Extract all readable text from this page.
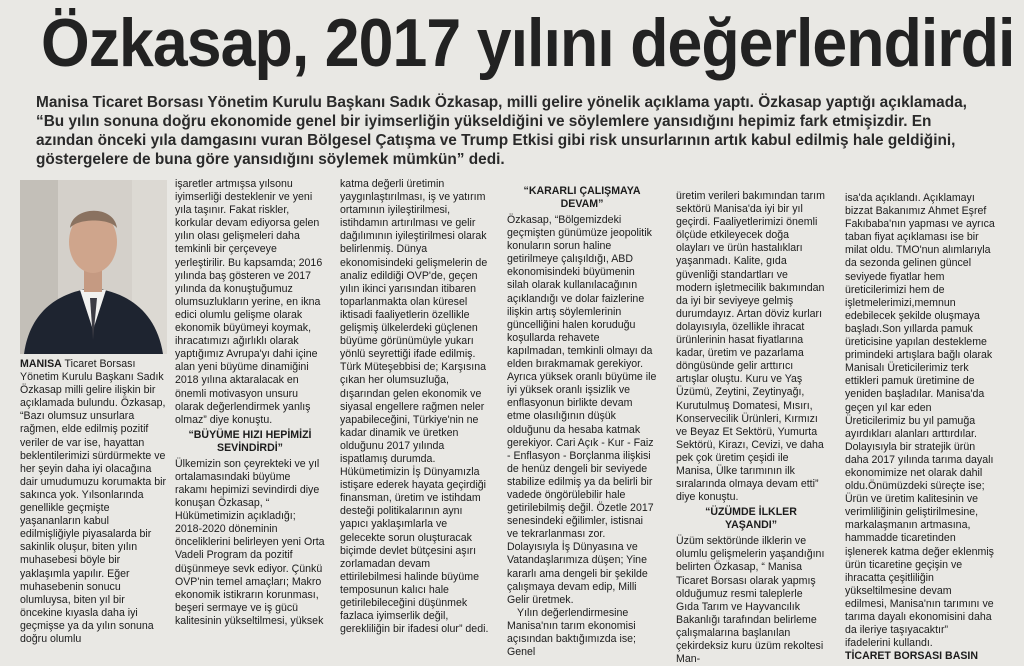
Özkasap, 2017 yılını değerlendirdi

Manisa Ticaret Borsası Yönetim Kurulu Başkanı Sadık Özkasap, milli gelire yönelik açıklama yaptı. Özkasap yaptığı açıklamada, “Bu yılın sonuna doğru ekonomide genel bir iyimserliğin yükseldiğini ve söylemlere yansıdığını hepimiz fark etmişizdir. En azından önceki yıla damgasını vuran Bölgesel Çatışma ve Trump Etkisi gibi risk unsurlarının artık kabul edilmiş hale geldiğini, göstergelere de buna göre yansıdığını söylemek mümkün” dedi.

MANISA Ticaret Borsası Yönetim Kurulu Başkanı Sadık Özkasap milli gelire ilişkin bir açıklamada bulundu. Özkasap, “Bazı olumsuz unsurlara rağmen, elde edilmiş pozitif veriler de var ise, hayattan beklentilerimizi sürdürmekte ve her şeyin daha iyi olacağına dair umudumuzu korumakta bir sakınca yok. Yılsonlarında genellikle geçmişte yaşananların kabul edilmişliğiyle piyasalarda bir sakinlik oluşur, biten yılın muhasebesi böyle bir yaklaşımla yapılır. Eğer muhasebenin sonucu olumluysa, biten yıl bir öncekine kıyasla daha iyi geçmişse ya da yılın sonuna doğru olumlu

işaretler artmışsa yılsonu iyimserliği desteklenir ve yeni yıla taşınır. Fakat riskler, korkular devam ediyorsa gelen yılın olası gelişmeleri daha temkinli bir çerçeveye yerleştirilir. Bu kapsamda; 2016 yılında baş gösteren ve 2017 yılında da konuştuğumuz olumsuzlukların yerine, en ikna edici olumlu gelişme olarak ekonomik büyümeyi koymak, ihracatımızı ağırlıklı olarak yaptığımız Avrupa'yı dahi içine alan yeni büyüme dinamiğini 2018 yılına aktaralacak en önemli motivasyon unsuru olarak değerlendirmek yanlış olmaz” diye konuştu.

“BÜYÜME HIZI HEPİMİZİ
SEVİNDİRDİ”

Ülkemizin son çeyrekteki ve yıl ortalamasındaki büyüme rakamı hepimizi sevindirdi diye konuşan Özkasap, “ Hükümetimizin açıkladığı; 2018-2020 döneminin önceliklerini belirleyen yeni Orta Vadeli Program da pozitif düşünmeye sevk ediyor. Çünkü OVP'nin temel amaçları; Makro ekonomik istikrarın korunması, beşeri sermaye ve iş gücü kalitesinin yükseltilmesi, yüksek

katma değerli üretimin yaygınlaştırılması, iş ve yatırım ortamının iyileştirilmesi, istihdamın artırılması ve gelir dağılımının iyileştirilmesi olarak belirlenmiş. Dünya ekonomisindeki gelişmelerin de analiz edildiği OVP'de, geçen yılın ikinci yarısından itibaren toparlanmakta olan küresel iktisadi faaliyetlerin özellikle gelişmiş ülkelerdeki güçlenen büyüme görünümüyle yukarı yönlü seyrettiği ifade edilmiş. Türk Müteşebbisi de; Karşısına çıkan her olumsuzluğa, dışarından gelen ekonomik ve siyasal engellere rağmen neler yapabileceğini, Türkiye'nin ne kadar dinamik ve üretken olduğunu 2017 yılında ispatlamış durumda. Hükümetimizin İş Dünyamızla istişare ederek hayata geçirdiği finansman, üretim ve istihdam desteği politikalarının aynı yapıcı yaklaşımlarla ve gelecekte sorun oluşturacak biçimde devlet bütçesini aşırı zorlamadan devam ettirilebilmesi halinde büyüme temposunun kalıcı hale getirilebileceğini düşünmek fazlaca iyimserlik değil, gerekliliğin bir ifadesi olur” dedi.

“KARARLI ÇALIŞMAYA
DEVAM”

Özkasap, “Bölgemizdeki geçmişten günümüze jeopolitik konuların sorun haline getirilmeye çalışıldığı, ABD ekonomisindeki büyümenin silah olarak kullanılacağının açıklandığı ve dolar faizlerine ilişkin artış söylemlerinin güncelliğini halen koruduğu koşullarda rehavete kapılmadan, temkinli olmayı da elden bırakmamak gerekiyor. Ayrıca yüksek oranlı büyüme ile iyi yüksek oranlı işsizlik ve enflasyonun birlikte devam etme olasılığının düşük olduğunu da hesaba katmak gerekiyor. Cari Açık - Kur - Faiz - Enflasyon - Borçlanma ilişkisi de henüz dengeli bir seviyede stabilize edilmiş ya da belirli bir vadede öngörülebilir hale getirilebilmiş değil. Özetle 2017 senesindeki eğilimler, istisnai ve tekrarlanması zor. Dolayısıyla İş Dünyasına ve Vatandaşlarımıza düşen; Yine kararlı ama dengeli bir şekilde çalışmaya devam edip, Milli Gelir üretmek.

Yılın değerlendirmesine Manisa'nın tarım ekonomisi açısından baktığımızda ise; Genel

üretim verileri bakımından tarım sektörü Manisa'da iyi bir yıl geçirdi. Faaliyetlerimizi önemli ölçüde etkileyecek doğa olayları ve ürün hastalıkları yaşanmadı. Kalite, gıda güvenliği standartları ve modern işletmecilik bakımından da iyi bir seviyeye gelmiş durumdayız. Artan döviz kurları dolayısıyla, özellikle ihracat ürünlerinin hasat fiyatlarına kadar, üretim ve pazarlama döngüsünde gelir arttırıcı artışlar oluştu. Kuru ve Yaş Üzümü, Zeytini, Zeytinyağı, Kurutulmuş Domatesi, Mısırı, Konservecilik Ürünleri, Kırmızı ve Beyaz Et Sektörü, Yumurta Sektörü, Kirazı, Cevizi, ve daha pek çok üretim çeşidi ile Manisa, Ülke tarımının ilk sıralarında olmaya devam etti” diye konuştu.

“ÜZÜMDE İLKLER
YAŞANDI”

Üzüm sektöründe ilklerin ve olumlu gelişmelerin yaşandığını belirten Özkasap, “ Manisa Ticaret Borsası olarak yapmış olduğumuz resmi taleplerle Gıda Tarım ve Hayvancılık Bakanlığı tarafından belirleme çalışmalarına başlanılan çekirdeksiz kuru üzüm rekoltesi Man-

isa'da açıklandı. Açıklamayı bizzat Bakanımız Ahmet Eşref Fakıbaba'nın yapması ve ayrıca taban fiyat açıklaması ise bir milat oldu. TMO'nun alımlarıyla da sezonda gelinen güncel seviyede fiyatlar hem üreticilerimizi hem de işletmelerimizi,memnun edebilecek şekilde oluşmaya başladı.Son yıllarda pamuk üreticisine yapılan destekleme primindeki artışlara bağlı olarak Manisalı Üreticilerimiz terk ettikleri pamuk üretimine de yeniden başladılar. Manisa'da geçen yıl kar eden Üreticilerimiz bu yıl pamuğa ayırdıkları alanları arttırdılar. Dolayısıyla bir stratejik ürün daha 2017 yılında tarıma dayalı ekonomimize net olarak dahil oldu.Önümüzdeki süreçte ise; Ürün ve üretim kalitesinin ve verimliliğinin geliştirilmesine, markalaşmanın artmasına, hammadde ticaretinden işlenerek katma değer eklenmiş ürün ticaretine geçişin ve ihracatta çeşitliliğin yükseltilmesine devam edilmesi, Manisa'nın tarımını ve tarıma dayalı ekonomisini daha da ileriye taşıyacaktır” ifadelerini kullandı.

TİCARET BORSASI BASIN
